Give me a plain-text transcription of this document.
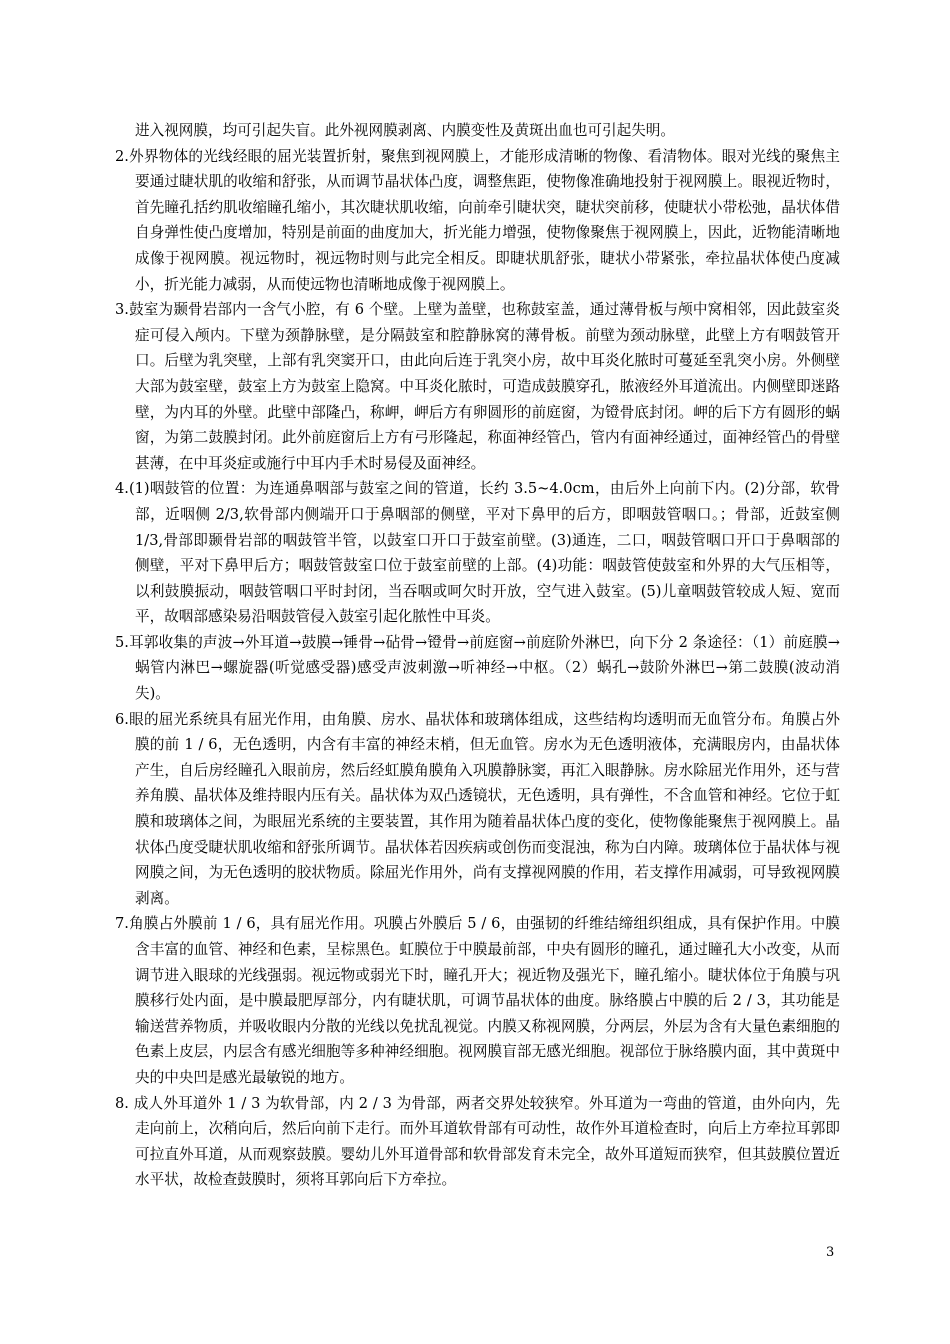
进入视网膜，均可引起失盲。此外视网膜剥离、内膜变性及黄斑出血也可引起失明。

2.外界物体的光线经眼的屈光装置折射，聚焦到视网膜上，才能形成清晰的物像、看清物体。眼对光线的聚焦主要通过睫状肌的收缩和舒张，从而调节晶状体凸度，调整焦距，使物像准确地投射于视网膜上。眼视近物时，首先瞳孔括约肌收缩瞳孔缩小，其次睫状肌收缩，向前牵引睫状突，睫状突前移，使睫状小带松弛，晶状体借自身弹性使凸度增加，特别是前面的曲度加大，折光能力增强，使物像聚焦于视网膜上，因此，近物能清晰地成像于视网膜。视远物时，视远物时则与此完全相反。即睫状肌舒张，睫状小带紧张，牵拉晶状体使凸度减小，折光能力减弱，从而使远物也清晰地成像于视网膜上。

3.鼓室为颞骨岩部内一含气小腔，有 6 个壁。上壁为盖壁，也称鼓室盖，通过薄骨板与颅中窝相邻，因此鼓室炎症可侵入颅内。下壁为颈静脉壁，是分隔鼓室和腔静脉窝的薄骨板。前壁为颈动脉壁，此壁上方有咽鼓管开口。后壁为乳突壁，上部有乳突窦开口，由此向后连于乳突小房，故中耳炎化脓时可蔓延至乳突小房。外侧壁大部为鼓室壁，鼓室上方为鼓室上隐窝。中耳炎化脓时，可造成鼓膜穿孔，脓液经外耳道流出。内侧壁即迷路壁，为内耳的外壁。此壁中部隆凸，称岬，岬后方有卵圆形的前庭窗，为镫骨底封闭。岬的后下方有圆形的蜗窗，为第二鼓膜封闭。此外前庭窗后上方有弓形隆起，称面神经管凸，管内有面神经通过，面神经管凸的骨壁甚薄，在中耳炎症或施行中耳内手术时易侵及面神经。

4.(1)咽鼓管的位置：为连通鼻咽部与鼓室之间的管道，长约 3.5~4.0cm，由后外上向前下内。(2)分部，软骨部，近咽侧 2/3,软骨部内侧端开口于鼻咽部的侧壁，平对下鼻甲的后方，即咽鼓管咽口。；骨部，近鼓室侧 1/3,骨部即颞骨岩部的咽鼓管半管，以鼓室口开口于鼓室前壁。(3)通连，二口，咽鼓管咽口开口于鼻咽部的侧壁，平对下鼻甲后方；咽鼓管鼓室口位于鼓室前壁的上部。(4)功能：咽鼓管使鼓室和外界的大气压相等，以利鼓膜振动，咽鼓管咽口平时封闭，当吞咽或呵欠时开放，空气进入鼓室。(5)儿童咽鼓管较成人短、宽而平，故咽部感染易沿咽鼓管侵入鼓室引起化脓性中耳炎。

5.耳郭收集的声波→外耳道→鼓膜→锤骨→砧骨→镫骨→前庭窗→前庭阶外淋巴，向下分 2 条途径：（1）前庭膜→蜗管内淋巴→螺旋器(听觉感受器)感受声波刺激→听神经→中枢。（2）蜗孔→鼓阶外淋巴→第二鼓膜(波动消失)。

6.眼的屈光系统具有屈光作用，由角膜、房水、晶状体和玻璃体组成，这些结构均透明而无血管分布。角膜占外膜的前 1 / 6，无色透明，内含有丰富的神经末梢，但无血管。房水为无色透明液体，充满眼房内，由晶状体产生，自后房经瞳孔入眼前房，然后经虹膜角膜角入巩膜静脉窦，再汇入眼静脉。房水除屈光作用外，还与营养角膜、晶状体及维持眼内压有关。晶状体为双凸透镜状，无色透明，具有弹性，不含血管和神经。它位于虹膜和玻璃体之间，为眼屈光系统的主要装置，其作用为随着晶状体凸度的变化，使物像能聚焦于视网膜上。晶状体凸度受睫状肌收缩和舒张所调节。晶状体若因疾病或创伤而变混浊，称为白内障。玻璃体位于晶状体与视网膜之间，为无色透明的胶状物质。除屈光作用外，尚有支撑视网膜的作用，若支撑作用减弱，可导致视网膜剥离。

7.角膜占外膜前 1 / 6，具有屈光作用。巩膜占外膜后 5 / 6，由强韧的纤维结缔组织组成，具有保护作用。中膜含丰富的血管、神经和色素，呈棕黑色。虹膜位于中膜最前部，中央有圆形的瞳孔，通过瞳孔大小改变，从而调节进入眼球的光线强弱。视远物或弱光下时，瞳孔开大；视近物及强光下，瞳孔缩小。睫状体位于角膜与巩膜移行处内面，是中膜最肥厚部分，内有睫状肌，可调节晶状体的曲度。脉络膜占中膜的后 2 / 3，其功能是输送营养物质，并吸收眼内分散的光线以免扰乱视觉。内膜又称视网膜，分两层，外层为含有大量色素细胞的色素上皮层，内层含有感光细胞等多种神经细胞。视网膜盲部无感光细胞。视部位于脉络膜内面，其中黄斑中央的中央凹是感光最敏锐的地方。

8. 成人外耳道外 1 / 3 为软骨部，内 2 / 3 为骨部，两者交界处较狭窄。外耳道为一弯曲的管道，由外向内，先走向前上，次稍向后，然后向前下走行。而外耳道软骨部有可动性，故作外耳道检查时，向后上方牵拉耳郭即可拉直外耳道，从而观察鼓膜。婴幼儿外耳道骨部和软骨部发育未完全，故外耳道短而狭窄，但其鼓膜位置近水平状，故检查鼓膜时，须将耳郭向后下方牵拉。

3
